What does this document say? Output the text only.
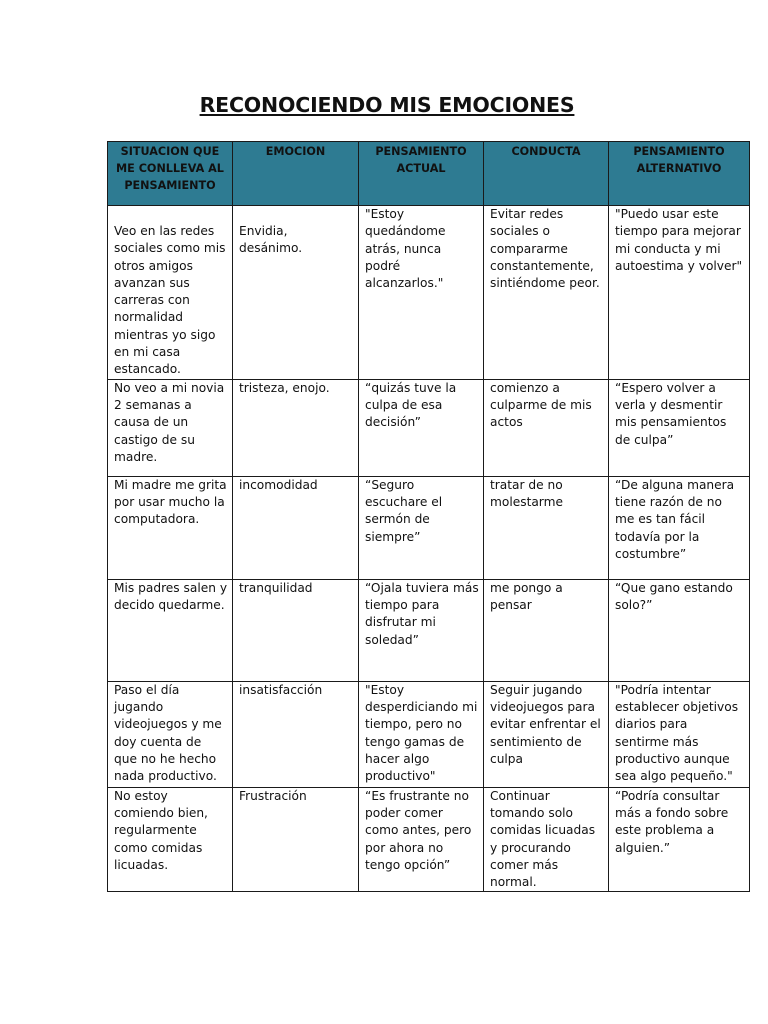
RECONOCIENDO MIS EMOCIONES
SITUACION QUE ME CONLLEVA AL PENSAMIENTO	EMOCION	PENSAMIENTO ACTUAL	CONDUCTA	PENSAMIENTO ALTERNATIVO

Veo en las redes sociales como mis otros amigos avanzan sus carreras con normalidad mientras yo sigo en mi casa estancado.	Envidia, desánimo.	"Estoy quedándome atrás, nunca podré alcanzarlos."	Evitar redes sociales o compararme constantemente, sintiéndome peor.	"Puedo usar este tiempo para mejorar mi conducta y mi autoestima y volver"

No veo a mi novia 2 semanas a causa de un castigo de su madre.	tristeza, enojo.	“quizás tuve la culpa de esa decisión”	comienzo a culparme de mis actos	“Espero volver a verla y desmentir mis pensamientos de culpa”

Mi madre me grita por usar mucho la computadora.	incomodidad	“Seguro escuchare el sermón de siempre”	tratar de no molestarme	“De alguna manera tiene razón de no me es tan fácil todavía por la costumbre”

Mis padres salen y decido quedarme.	tranquilidad	“Ojala tuviera más tiempo para disfrutar mi soledad”	me pongo a pensar	“Que gano estando solo?”

Paso el día jugando videojuegos y me doy cuenta de que no he hecho nada productivo.	insatisfacción	"Estoy desperdiciando mi tiempo, pero no tengo gamas de hacer algo productivo"	Seguir jugando videojuegos para evitar enfrentar el sentimiento de culpa	"Podría intentar establecer objetivos diarios para sentirme más productivo aunque sea algo pequeño."

No estoy comiendo bien, regularmente como comidas licuadas.	Frustración	“Es frustrante no poder comer como antes, pero por ahora no tengo opción”	Continuar tomando solo comidas licuadas y procurando comer más normal.	“Podría consultar más a fondo sobre este problema a alguien.”
